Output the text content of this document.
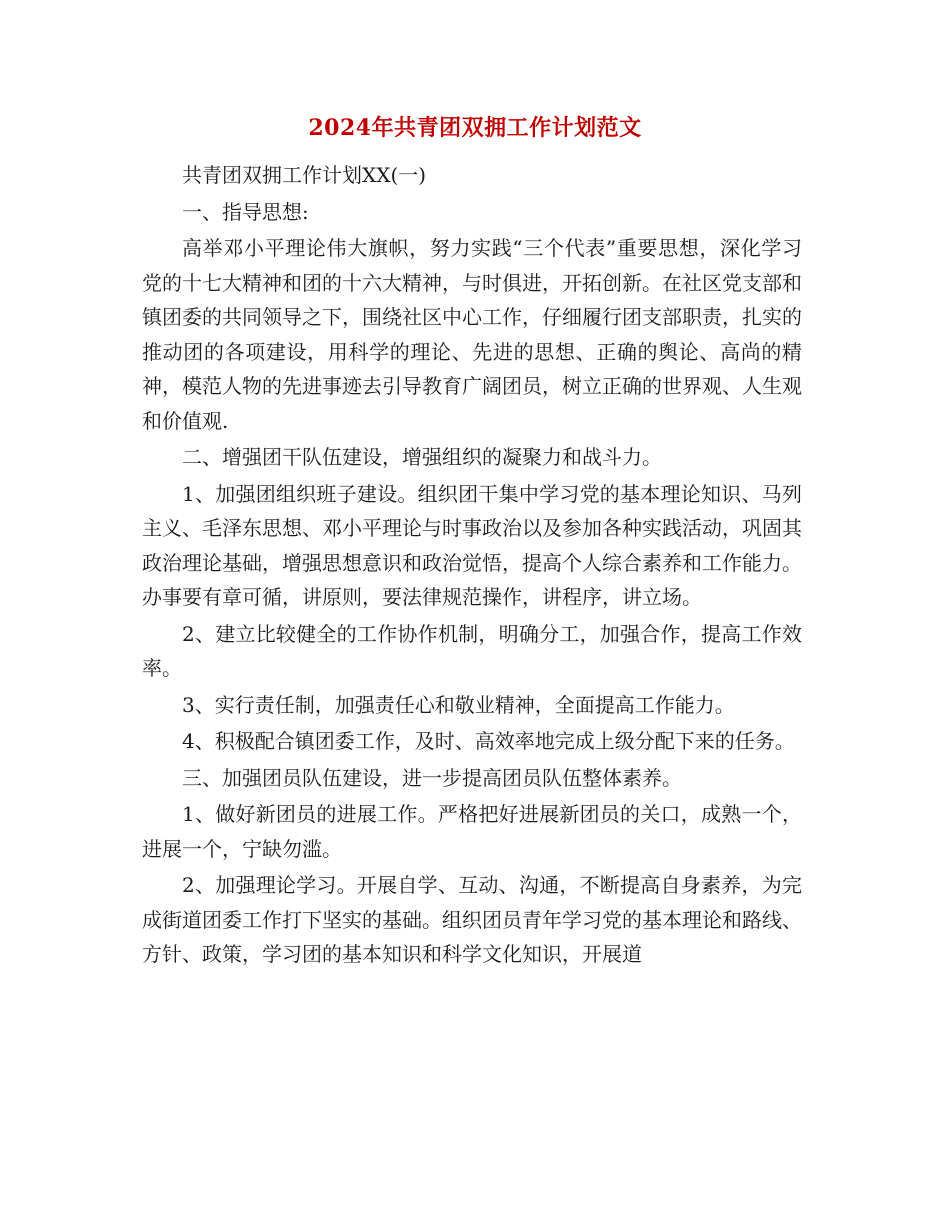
2024年共青团双拥工作计划范文

共青团双拥工作计划XX(一)

一、指导思想:

高举邓小平理论伟大旗帜，努力实践“三个代表”重要思想，深化学习党的十七大精神和团的十六大精神，与时俱进，开拓创新。在社区党支部和镇团委的共同领导之下，围绕社区中心工作，仔细履行团支部职责，扎实的推动团的各项建设，用科学的理论、先进的思想、正确的舆论、高尚的精神，模范人物的先进事迹去引导教育广阔团员，树立正确的世界观、人生观和价值观.

二、增强团干队伍建设，增强组织的凝聚力和战斗力。

1、加强团组织班子建设。组织团干集中学习党的基本理论知识、马列主义、毛泽东思想、邓小平理论与时事政治以及参加各种实践活动，巩固其政治理论基础，增强思想意识和政治觉悟，提高个人综合素养和工作能力。办事要有章可循，讲原则，要法律规范操作，讲程序，讲立场。

2、建立比较健全的工作协作机制，明确分工，加强合作，提高工作效率。

3、实行责任制，加强责任心和敬业精神，全面提高工作能力。

4、积极配合镇团委工作，及时、高效率地完成上级分配下来的任务。

三、加强团员队伍建设，进一步提高团员队伍整体素养。

1、做好新团员的进展工作。严格把好进展新团员的关口，成熟一个，进展一个，宁缺勿滥。

2、加强理论学习。开展自学、互动、沟通，不断提高自身素养，为完成街道团委工作打下坚实的基础。组织团员青年学习党的基本理论和路线、方针、政策，学习团的基本知识和科学文化知识，开展道
